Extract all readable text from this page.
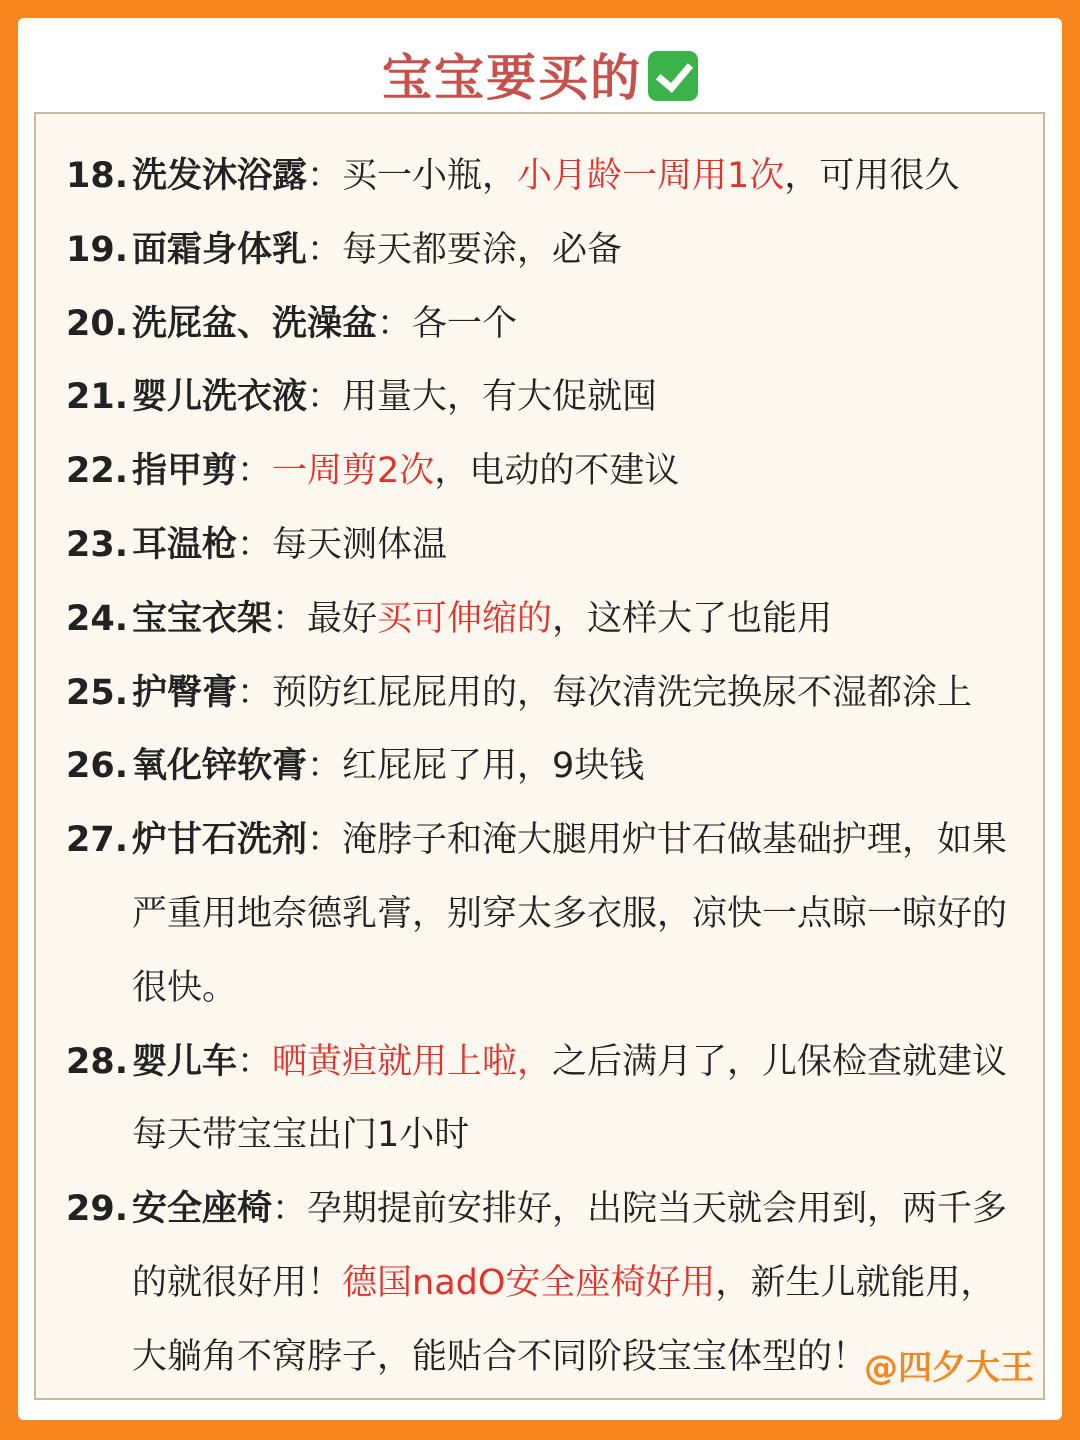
宝宝要买的
18. 洗发沐浴露：买一小瓶，小月龄一周用1次，可用很久
19. 面霜身体乳：每天都要涂，必备
20. 洗屁盆、洗澡盆：各一个
21. 婴儿洗衣液：用量大，有大促就囤
22. 指甲剪：一周剪2次，电动的不建议
23. 耳温枪：每天测体温
24. 宝宝衣架：最好买可伸缩的，这样大了也能用
25. 护臀膏：预防红屁屁用的，每次清洗完换尿不湿都涂上
26. 氧化锌软膏：红屁屁了用，9块钱
27. 炉甘石洗剂：淹脖子和淹大腿用炉甘石做基础护理，如果严重用地奈德乳膏，别穿太多衣服，凉快一点晾一晾好的很快。
28. 婴儿车：晒黄疸就用上啦，之后满月了，儿保检查就建议每天带宝宝出门1小时
29. 安全座椅：孕期提前安排好，出院当天就会用到，两千多的就很好用！德国nadO安全座椅好用，新生儿就能用，大躺角不窝脖子，能贴合不同阶段宝宝体型的！
@四夕大王
